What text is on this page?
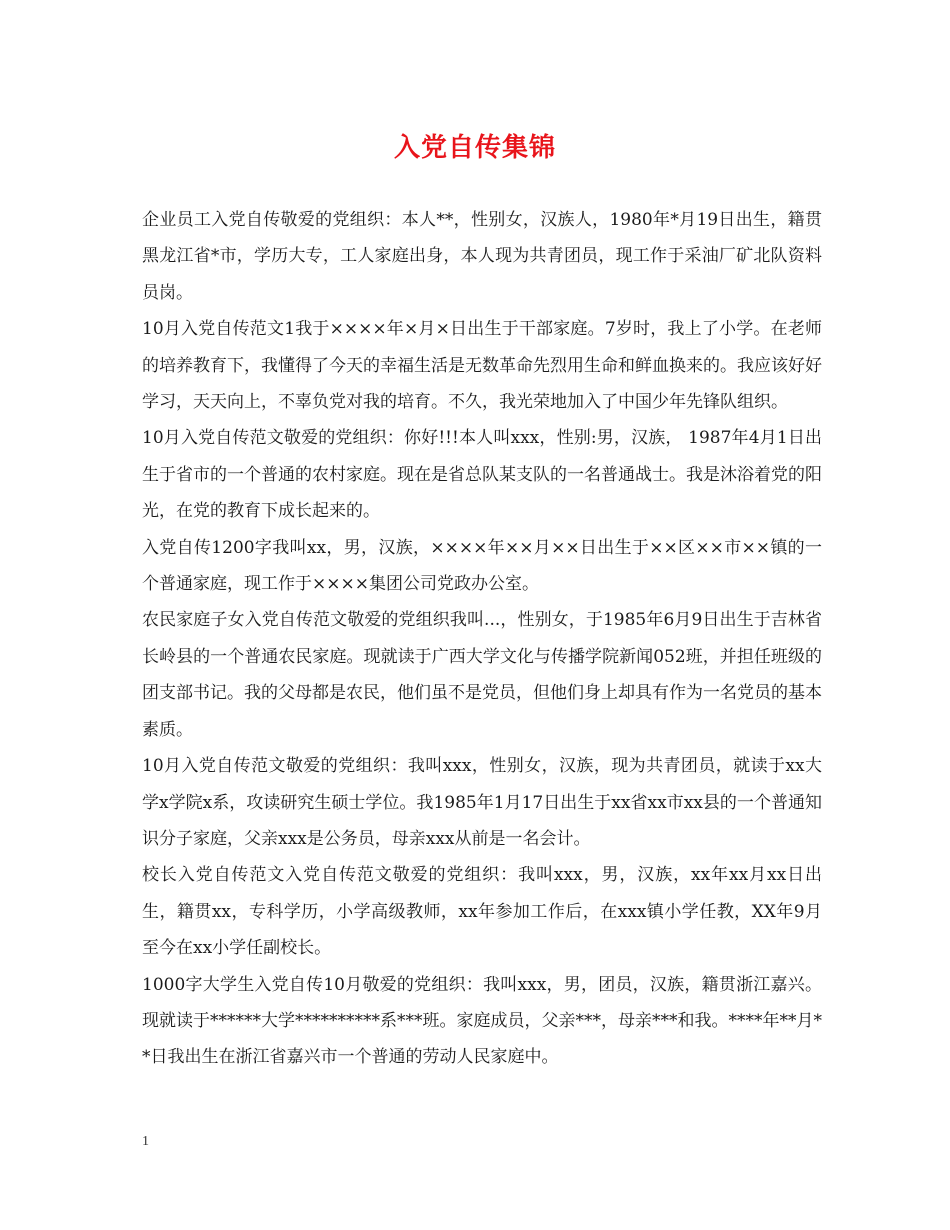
入党自传集锦

企业员工入党自传敬爱的党组织：本人**，性别女，汉族人，1980年*月19日出生，籍贯黑龙江省*市，学历大专，工人家庭出身，本人现为共青团员，现工作于采油厂矿北队资料员岗。

10月入党自传范文1我于××××年×月×日出生于干部家庭。7岁时，我上了小学。在老师的培养教育下，我懂得了今天的幸福生活是无数革命先烈用生命和鲜血换来的。我应该好好学习，天天向上，不辜负党对我的培育。不久，我光荣地加入了中国少年先锋队组织。

10月入党自传范文敬爱的党组织：你好!!!本人叫xxx，性别:男，汉族， 1987年4月1日出生于省市的一个普通的农村家庭。现在是省总队某支队的一名普通战士。我是沐浴着党的阳光，在党的教育下成长起来的。

入党自传1200字我叫xx，男，汉族，××××年××月××日出生于××区××市××镇的一个普通家庭，现工作于××××集团公司党政办公室。

农民家庭子女入党自传范文敬爱的党组织我叫...，性别女，于1985年6月9日出生于吉林省长岭县的一个普通农民家庭。现就读于广西大学文化与传播学院新闻052班，并担任班级的团支部书记。我的父母都是农民，他们虽不是党员，但他们身上却具有作为一名党员的基本素质。

10月入党自传范文敬爱的党组织：我叫xxx，性别女，汉族，现为共青团员，就读于xx大学x学院x系，攻读研究生硕士学位。我1985年1月17日出生于xx省xx市xx县的一个普通知识分子家庭，父亲xxx是公务员，母亲xxx从前是一名会计。

校长入党自传范文入党自传范文敬爱的党组织：我叫xxx，男，汉族，xx年xx月xx日出生，籍贯xx，专科学历，小学高级教师，xx年参加工作后，在xxx镇小学任教，XX年9月至今在xx小学任副校长。

1000字大学生入党自传10月敬爱的党组织：我叫xxx，男，团员，汉族，籍贯浙江嘉兴。现就读于******大学**********系***班。家庭成员，父亲***，母亲***和我。****年**月**日我出生在浙江省嘉兴市一个普通的劳动人民家庭中。

1
